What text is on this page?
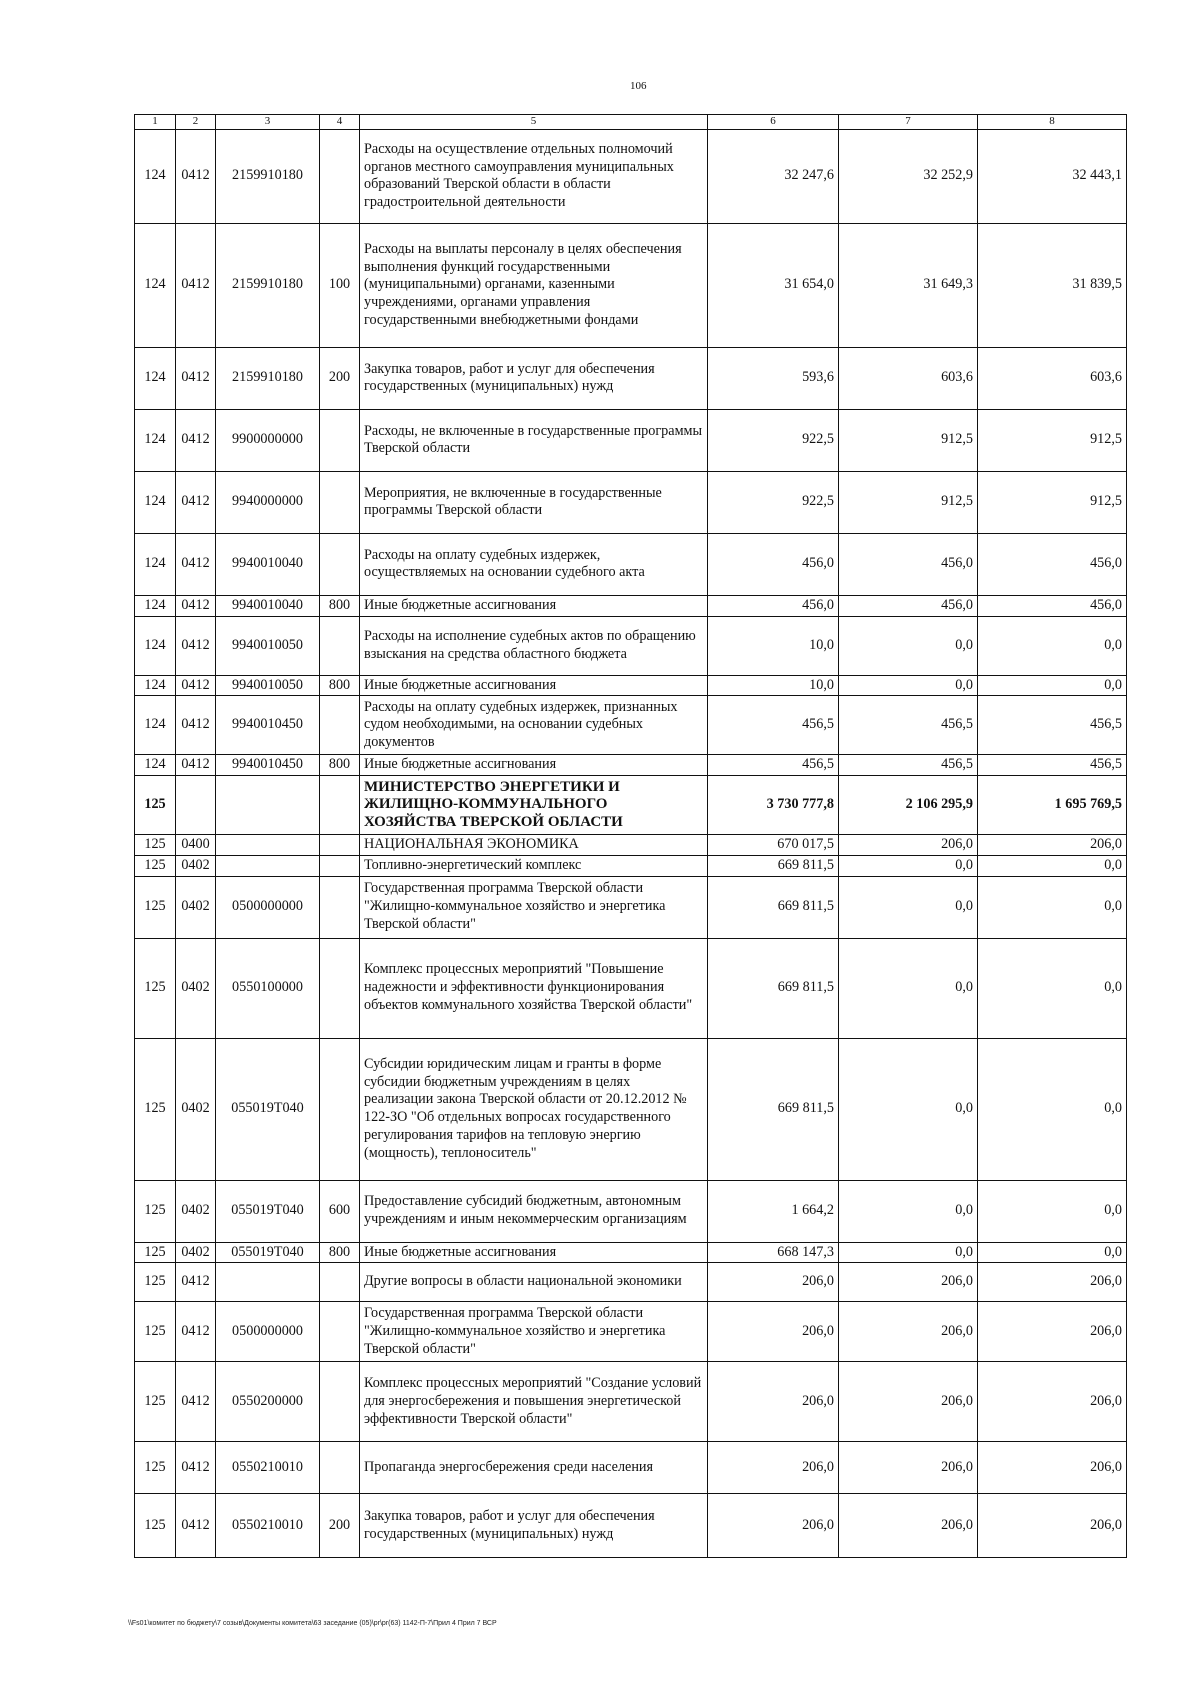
106
1	2	3	4	5	6	7	8
124	0412	2159910180		Расходы на осуществление отдельных полномочий органов местного самоуправления муниципальных образований Тверской области в области градостроительной деятельности	32 247,6	32 252,9	32 443,1
124	0412	2159910180	100	Расходы на выплаты персоналу в целях обеспечения выполнения функций государственными (муниципальными) органами, казенными учреждениями, органами управления государственными внебюджетными фондами	31 654,0	31 649,3	31 839,5
124	0412	2159910180	200	Закупка товаров, работ и услуг для обеспечения государственных (муниципальных) нужд	593,6	603,6	603,6
124	0412	9900000000		Расходы, не включенные в государственные программы Тверской области	922,5	912,5	912,5
124	0412	9940000000		Мероприятия, не включенные в государственные программы Тверской области	922,5	912,5	912,5
124	0412	9940010040		Расходы на оплату судебных издержек, осуществляемых на основании судебного акта	456,0	456,0	456,0
124	0412	9940010040	800	Иные бюджетные ассигнования	456,0	456,0	456,0
124	0412	9940010050		Расходы на исполнение судебных актов по обращению взыскания на средства областного бюджета	10,0	0,0	0,0
124	0412	9940010050	800	Иные бюджетные ассигнования	10,0	0,0	0,0
124	0412	9940010450		Расходы на оплату судебных издержек, признанных судом необходимыми, на основании судебных документов	456,5	456,5	456,5
124	0412	9940010450	800	Иные бюджетные ассигнования	456,5	456,5	456,5
125				МИНИСТЕРСТВО ЭНЕРГЕТИКИ И ЖИЛИЩНО-КОММУНАЛЬНОГО ХОЗЯЙСТВА ТВЕРСКОЙ ОБЛАСТИ	3 730 777,8	2 106 295,9	1 695 769,5
125	0400			НАЦИОНАЛЬНАЯ ЭКОНОМИКА	670 017,5	206,0	206,0
125	0402			Топливно-энергетический комплекс	669 811,5	0,0	0,0
125	0402	0500000000		Государственная программа Тверской области "Жилищно-коммунальное хозяйство и энергетика Тверской области"	669 811,5	0,0	0,0
125	0402	0550100000		Комплекс процессных мероприятий "Повышение надежности и эффективности функционирования объектов коммунального хозяйства Тверской области"	669 811,5	0,0	0,0
125	0402	055019T040		Субсидии юридическим лицам и гранты в форме субсидии бюджетным учреждениям в целях реализации закона Тверской области от 20.12.2012 № 122-ЗО "Об отдельных вопросах государственного регулирования тарифов на тепловую энергию (мощность), теплоноситель"	669 811,5	0,0	0,0
125	0402	055019T040	600	Предоставление субсидий бюджетным, автономным учреждениям и иным некоммерческим организациям	1 664,2	0,0	0,0
125	0402	055019T040	800	Иные бюджетные ассигнования	668 147,3	0,0	0,0
125	0412			Другие вопросы в области национальной экономики	206,0	206,0	206,0
125	0412	0500000000		Государственная программа Тверской области "Жилищно-коммунальное хозяйство и энергетика Тверской области"	206,0	206,0	206,0
125	0412	0550200000		Комплекс процессных мероприятий "Создание условий для энергосбережения и повышения энергетической эффективности Тверской области"	206,0	206,0	206,0
125	0412	0550210010		Пропаганда энергосбережения среди населения	206,0	206,0	206,0
125	0412	0550210010	200	Закупка товаров, работ и услуг для обеспечения государственных (муниципальных) нужд	206,0	206,0	206,0
\\Fs01\комитет по бюджету\7 созыв\Документы комитета\63 заседание (05)\pr\pr(63) 1142-П-7\Прил 4 Прил 7 ВСР
